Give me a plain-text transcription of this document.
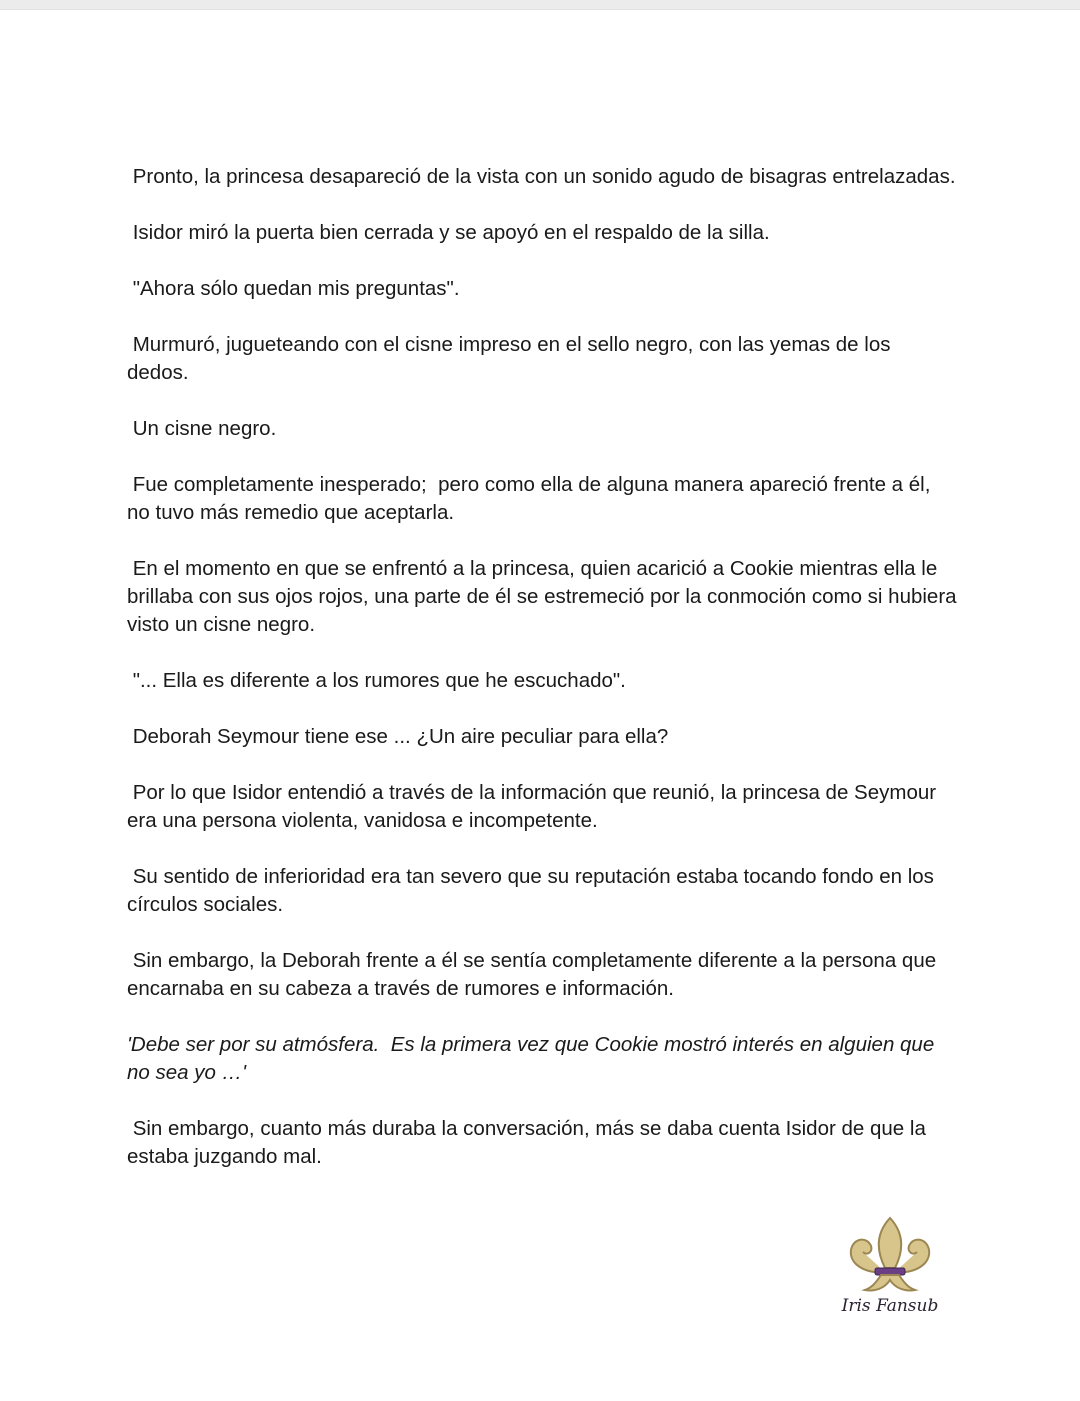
Pronto, la princesa desapareció de la vista con un sonido agudo de bisagras entrelazadas.

Isidor miró la puerta bien cerrada y se apoyó en el respaldo de la silla.

"Ahora sólo quedan mis preguntas".

Murmuró, jugueteando con el cisne impreso en el sello negro, con las yemas de los dedos.

Un cisne negro.

Fue completamente inesperado;  pero como ella de alguna manera apareció frente a él, no tuvo más remedio que aceptarla.

En el momento en que se enfrentó a la princesa, quien acarició a Cookie mientras ella le brillaba con sus ojos rojos, una parte de él se estremeció por la conmoción como si hubiera visto un cisne negro.

"... Ella es diferente a los rumores que he escuchado".

Deborah Seymour tiene ese ... ¿Un aire peculiar para ella?

Por lo que Isidor entendió a través de la información que reunió, la princesa de Seymour era una persona violenta, vanidosa e incompetente.

Su sentido de inferioridad era tan severo que su reputación estaba tocando fondo en los círculos sociales.

Sin embargo, la Deborah frente a él se sentía completamente diferente a la persona que encarnaba en su cabeza a través de rumores e información.

'Debe ser por su atmósfera.  Es la primera vez que Cookie mostró interés en alguien que no sea yo …'

Sin embargo, cuanto más duraba la conversación, más se daba cuenta Isidor de que la estaba juzgando mal.

Iris Fansub
